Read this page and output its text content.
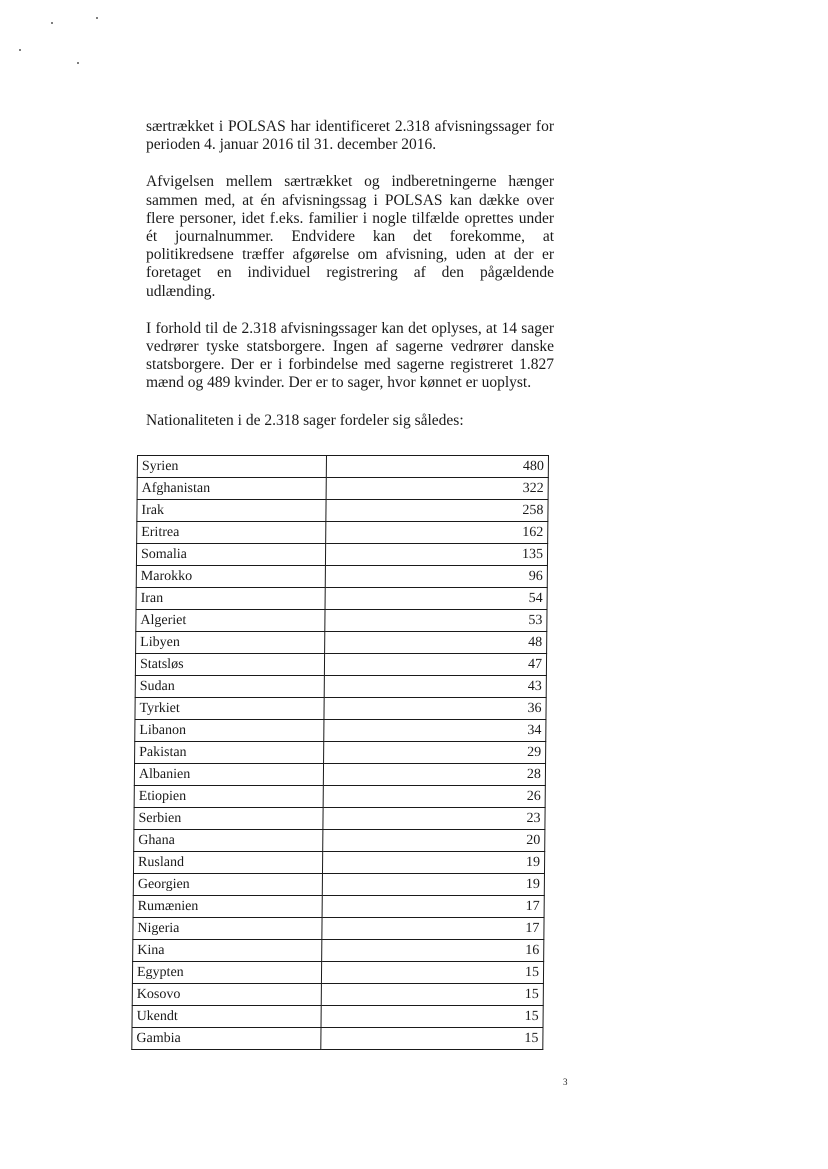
særtrækket i POLSAS har identificeret 2.318 afvisningssager for perioden 4. januar 2016 til 31. december 2016.

Afvigelsen mellem særtrækket og indberetningerne hænger sammen med, at én afvisningssag i POLSAS kan dække over flere personer, idet f.eks. familier i nogle tilfælde oprettes under ét journalnummer. Endvidere kan det forekomme, at politikredsene træffer afgørelse om afvisning, uden at der er foretaget en individuel registrering af den pågældende udlænding.

I forhold til de 2.318 afvisningssager kan det oplyses, at 14 sager vedrører tyske statsborgere. Ingen af sagerne vedrører danske statsborgere. Der er i forbindelse med sagerne registreret 1.827 mænd og 489 kvinder. Der er to sager, hvor kønnet er uoplyst.

Nationaliteten i de 2.318 sager fordeler sig således:

Syrien	480
Afghanistan	322
Irak	258
Eritrea	162
Somalia	135
Marokko	96
Iran	54
Algeriet	53
Libyen	48
Statsløs	47
Sudan	43
Tyrkiet	36
Libanon	34
Pakistan	29
Albanien	28
Etiopien	26
Serbien	23
Ghana	20
Rusland	19
Georgien	19
Rumænien	17
Nigeria	17
Kina	16
Egypten	15
Kosovo	15
Ukendt	15
Gambia	15
3
